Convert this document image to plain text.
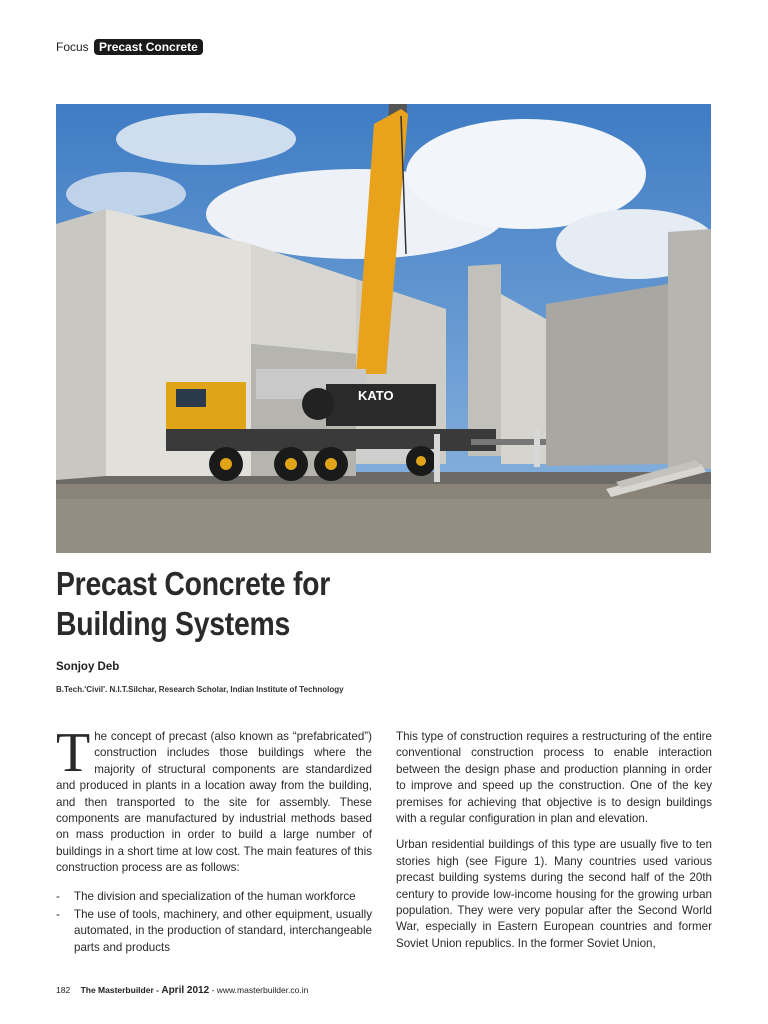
Focus Precast Concrete
KATO
Precast Concrete for
Building Systems
Sonjoy Deb
B.Tech.'Civil'. N.I.T.Silchar, Research Scholar, Indian Institute of Technology

T he concept of precast (also known as “prefabricated”) construction includes those buildings where the majority of structural components are standardized and produced in plants in a location away from the building, and then transported to the site for assembly. These components are manufactured by industrial methods based on mass production in order to build a large number of buildings in a short time at low cost. The main features of this construction process are as follows:

- The division and specialization of the human workforce
- The use of tools, machinery, and other equipment, usually automated, in the production of standard, interchangeable parts and products

This type of construction requires a restructuring of the entire conventional construction process to enable interaction between the design phase and production planning in order to improve and speed up the construction. One of the key premises for achieving that objective is to design buildings with a regular configuration in plan and elevation.

Urban residential buildings of this type are usually five to ten stories high (see Figure 1). Many countries used various precast building systems during the second half of the 20th century to provide low-income housing for the growing urban population. They were very popular after the Second World War, especially in Eastern European countries and former Soviet Union republics. In the former Soviet Union,

182 The Masterbuilder - April 2012 - www.masterbuilder.co.in
